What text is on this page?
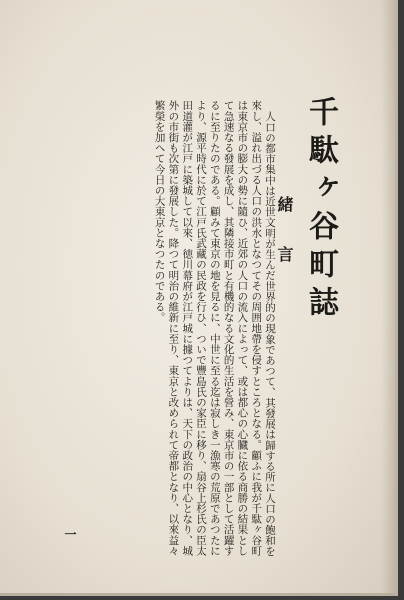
千駄ヶ谷町誌
緒言

人口の都市集中は近世文明が生んだ世界的の現象であつて、其發展は歸する所に人口の飽和を來し、溢れ出づる人口の洪水となつてその周囲地帶を侵すところとなる。顧ふに我が千駄ヶ谷町は東京市の膨大の勢に隨ひ、近郊の人口の流入によって、或は都心の心臓に依る商勝の結果として急速なる發展を成し、其隣接市町と有機的なる文化的生活を營み、東京市の一部として活躍するに至りたのである。顧みて東京の地を見るに、中世に至る迄は寂しき一漁寒の荒原であつたにより、源平時代に於て江戸氏武藏の民政を行ひ、ついで豐島氏の家臣に移り、扇谷上杉氏の臣太田道灌が江戸に築城して以來、徳川幕府が江戸城に據つてよりは、天下の政治の中心となり、城外の市街も次第に發展した。降つて明治の維新に至り、東京と改められて帝都となり、以來益々繁榮を加へて今日の大東京となつたのである。

一
